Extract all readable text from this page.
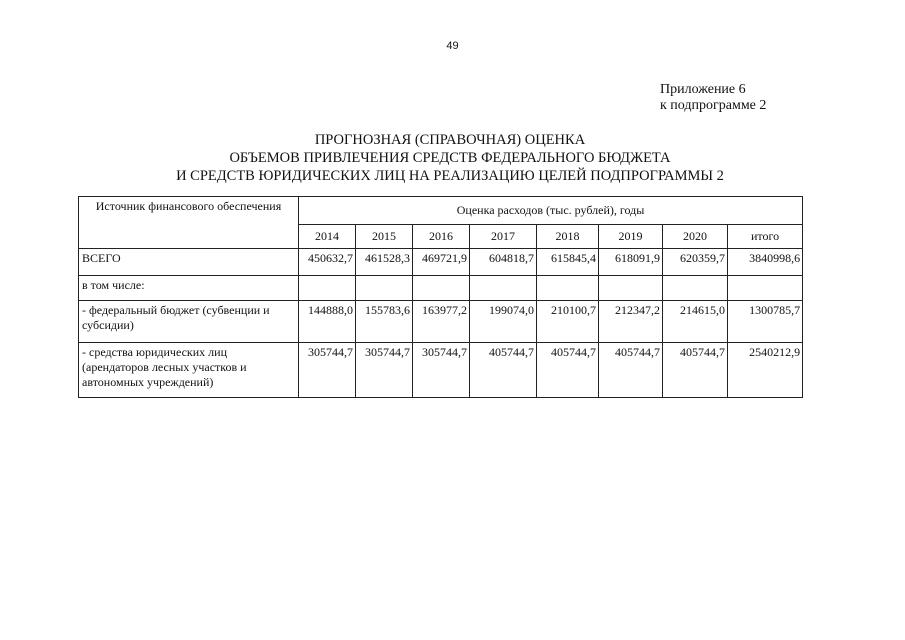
49
Приложение 6
к подпрограмме 2
ПРОГНОЗНАЯ (СПРАВОЧНАЯ) ОЦЕНКА
ОБЪЕМОВ ПРИВЛЕЧЕНИЯ СРЕДСТВ ФЕДЕРАЛЬНОГО БЮДЖЕТА
И СРЕДСТВ ЮРИДИЧЕСКИХ ЛИЦ НА РЕАЛИЗАЦИЮ ЦЕЛЕЙ ПОДПРОГРАММЫ 2
Источник финансового обеспечения	Оценка расходов (тыс. рублей), годы							
	2014	2015	2016	2017	2018	2019	2020	итого
ВСЕГО	450632,7	461528,3	469721,9	604818,7	615845,4	618091,9	620359,7	3840998,6
в том числе:								
- федеральный бюджет (субвенции и субсидии)	144888,0	155783,6	163977,2	199074,0	210100,7	212347,2	214615,0	1300785,7
- средства юридических лиц (арендаторов лесных участков и автономных учреждений)	305744,7	305744,7	305744,7	405744,7	405744,7	405744,7	405744,7	2540212,9
